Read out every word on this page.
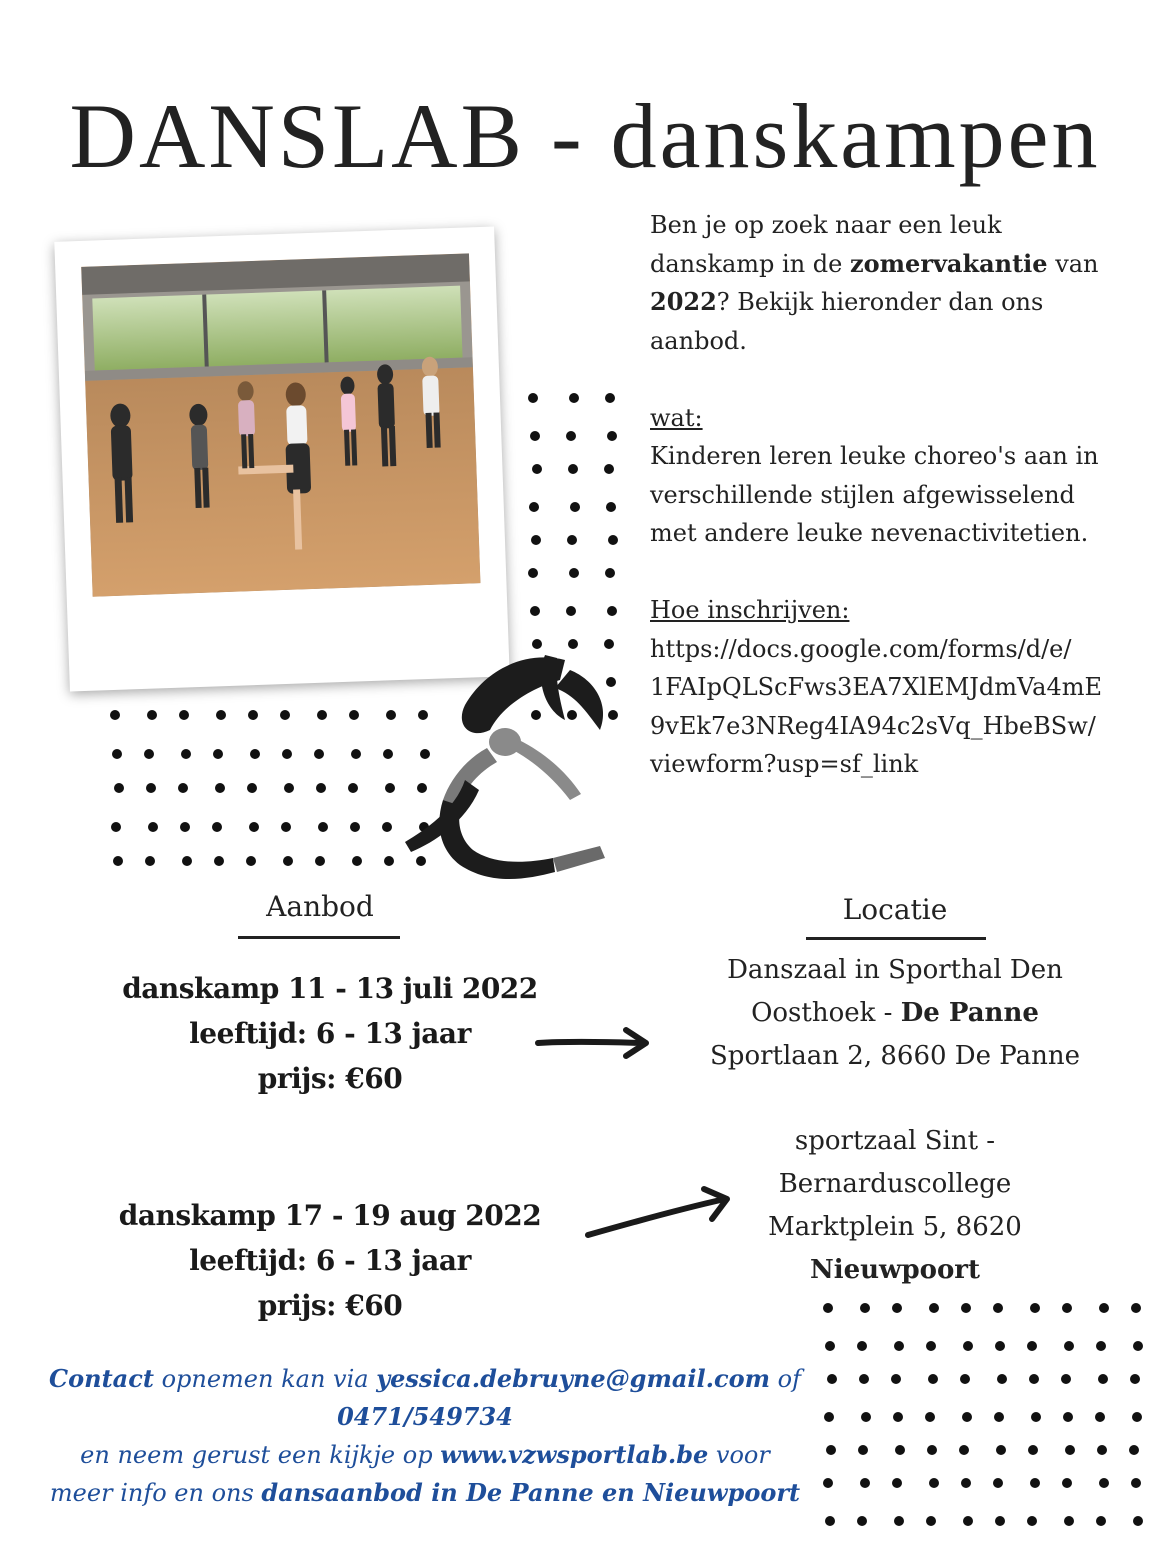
DANSLAB - danskampen

Ben je op zoek naar een leuk

danskamp in de zomervakantie van

2022? Bekijk hieronder dan ons

aanbod.

wat:

Kinderen leren leuke choreo's aan in

verschillende stijlen afgewisselend

met andere leuke nevenactivitetien.

Hoe inschrijven:

https://docs.google.com/forms/d/e/

1FAIpQLScFws3EA7XlEMJdmVa4mE

9vEk7e3NReg4IA94c2sVq_HbeBSw/

viewform?usp=sf_link

Aanbod	Locatie
danskamp 11 - 13 juli 2022
leeftijd: 6 - 13 jaar
prijs: €60
Danszaal in Sporthal Den
Oosthoek - De Panne
Sportlaan 2, 8660 De Panne
danskamp 17 - 19 aug 2022
leeftijd: 6 - 13 jaar
prijs: €60
sportzaal Sint -
Bernarduscollege
Marktplein 5, 8620
Nieuwpoort
Contact opnemen kan via yessica.debruyne@gmail.com of
0471/549734
en neem gerust een kijkje op www.vzwsportlab.be voor
meer info en ons dansaanbod in De Panne en Nieuwpoort
